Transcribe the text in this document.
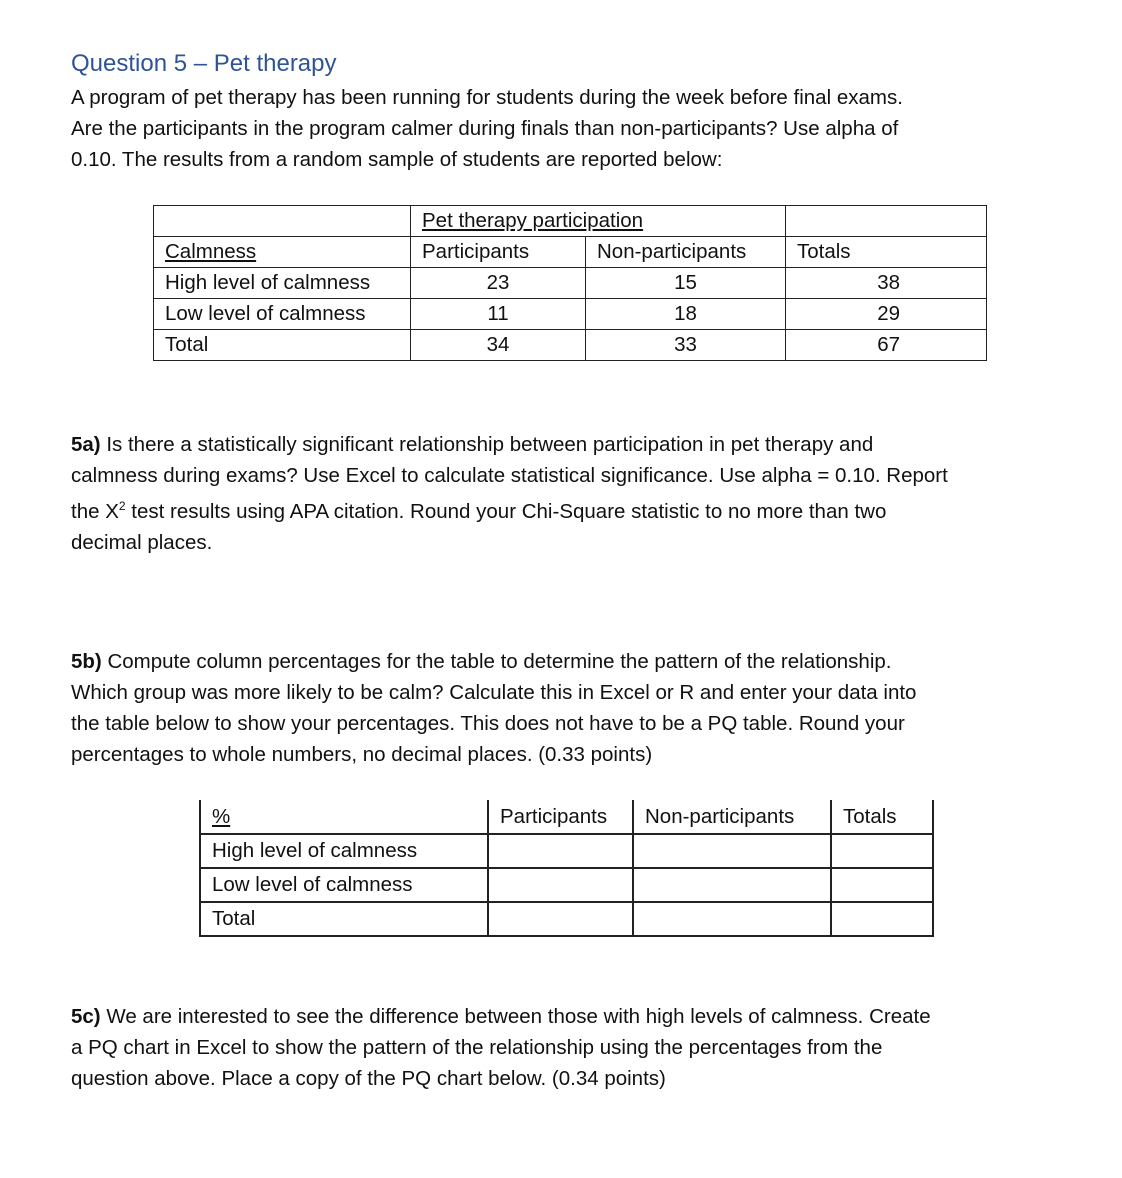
Question 5 – Pet therapy
A program of pet therapy has been running for students during the week before final exams.
Are the participants in the program calmer during finals than non-participants? Use alpha of
0.10. The results from a random sample of students are reported below:
	Pet therapy participation		
Calmness	Participants	Non-participants	Totals
High level of calmness	23	15	38
Low level of calmness	11	18	29
Total	34	33	67
5a) Is there a statistically significant relationship between participation in pet therapy and
calmness during exams? Use Excel to calculate statistical significance. Use alpha = 0.10. Report
the $X^2$ test results using APA citation. Round your Chi-Square statistic to no more than two
decimal places.
5b) Compute column percentages for the table to determine the pattern of the relationship.
Which group was more likely to be calm? Calculate this in Excel or R and enter your data into
the table below to show your percentages. This does not have to be a PQ table. Round your
percentages to whole numbers, no decimal places. (0.33 points)
%	Participants	Non-participants	Totals
High level of calmness			
Low level of calmness			
Total			
5c) We are interested to see the difference between those with high levels of calmness. Create
a PQ chart in Excel to show the pattern of the relationship using the percentages from the
question above. Place a copy of the PQ chart below. (0.34 points)
